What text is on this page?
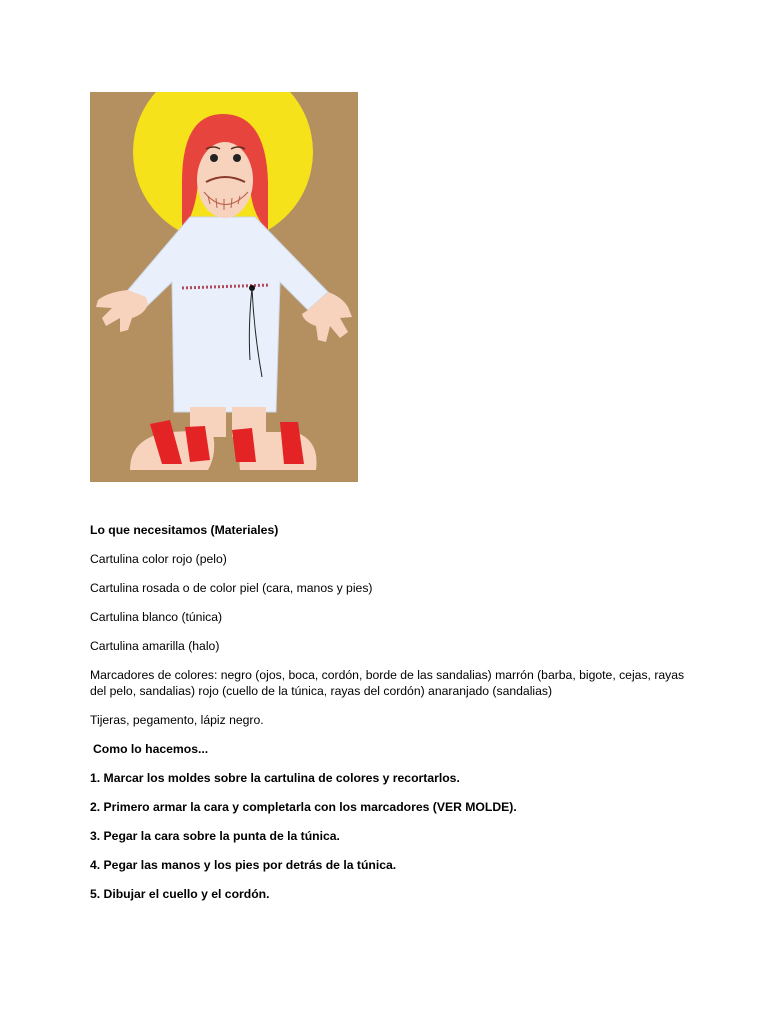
Lo que necesitamos (Materiales)

Cartulina color rojo (pelo)

Cartulina rosada o de color piel (cara, manos y pies)

Cartulina blanco (túnica)

Cartulina amarilla (halo)

Marcadores de colores: negro (ojos, boca, cordón, borde de las sandalias) marrón (barba, bigote, cejas, rayas del pelo, sandalias) rojo (cuello de la túnica, rayas del cordón) anaranjado (sandalias)

Tijeras, pegamento, lápiz negro.

Como lo hacemos...

1. Marcar los moldes sobre la cartulina de colores y recortarlos.

2. Primero armar la cara y completarla con los marcadores (VER MOLDE).

3. Pegar la cara sobre la punta de la túnica.

4. Pegar las manos y los pies por detrás de la túnica.

5. Dibujar el cuello y el cordón.
